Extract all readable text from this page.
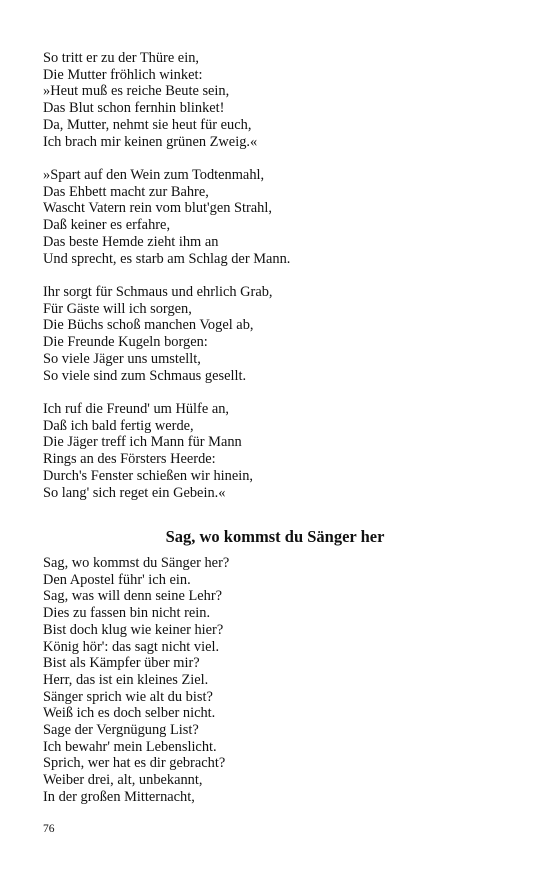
So tritt er zu der Thüre ein,
Die Mutter fröhlich winket:
»Heut muß es reiche Beute sein,
Das Blut schon fernhin blinket!
Da, Mutter, nehmt sie heut für euch,
Ich brach mir keinen grünen Zweig.«
»Spart auf den Wein zum Todtenmahl,
Das Ehbett macht zur Bahre,
Wascht Vatern rein vom blut'gen Strahl,
Daß keiner es erfahre,
Das beste Hemde zieht ihm an
Und sprecht, es starb am Schlag der Mann.
Ihr sorgt für Schmaus und ehrlich Grab,
Für Gäste will ich sorgen,
Die Büchs schoß manchen Vogel ab,
Die Freunde Kugeln borgen:
So viele Jäger uns umstellt,
So viele sind zum Schmaus gesellt.
Ich ruf die Freund' um Hülfe an,
Daß ich bald fertig werde,
Die Jäger treff ich Mann für Mann
Rings an des Försters Heerde:
Durch's Fenster schießen wir hinein,
So lang' sich reget ein Gebein.«
Sag, wo kommst du Sänger her
Sag, wo kommst du Sänger her?
Den Apostel führ' ich ein.
Sag, was will denn seine Lehr?
Dies zu fassen bin nicht rein.
Bist doch klug wie keiner hier?
König hör': das sagt nicht viel.
Bist als Kämpfer über mir?
Herr, das ist ein kleines Ziel.
Sänger sprich wie alt du bist?
Weiß ich es doch selber nicht.
Sage der Vergnügung List?
Ich bewahr' mein Lebenslicht.
Sprich, wer hat es dir gebracht?
Weiber drei, alt, unbekannt,
In der großen Mitternacht,
76
